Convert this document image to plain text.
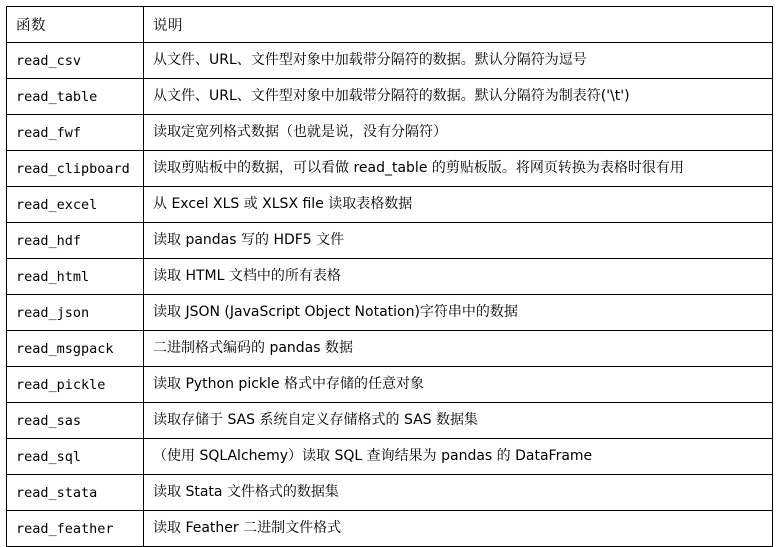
函数	说明
read_csv	从文件、URL、文件型对象中加载带分隔符的数据。默认分隔符为逗号
read_table	从文件、URL、文件型对象中加载带分隔符的数据。默认分隔符为制表符('\t')
read_fwf	读取定宽列格式数据（也就是说，没有分隔符）
read_clipboard	读取剪贴板中的数据，可以看做 read_table 的剪贴板版。将网页转换为表格时很有用
read_excel	从 Excel XLS 或 XLSX file 读取表格数据
read_hdf	读取 pandas 写的 HDF5 文件
read_html	读取 HTML 文档中的所有表格
read_json	读取 JSON (JavaScript Object Notation)字符串中的数据
read_msgpack	二进制格式编码的 pandas 数据
read_pickle	读取 Python pickle 格式中存储的任意对象
read_sas	读取存储于 SAS 系统自定义存储格式的 SAS 数据集
read_sql	（使用 SQLAlchemy）读取 SQL 查询结果为 pandas 的 DataFrame
read_stata	读取 Stata 文件格式的数据集
read_feather	读取 Feather 二进制文件格式
